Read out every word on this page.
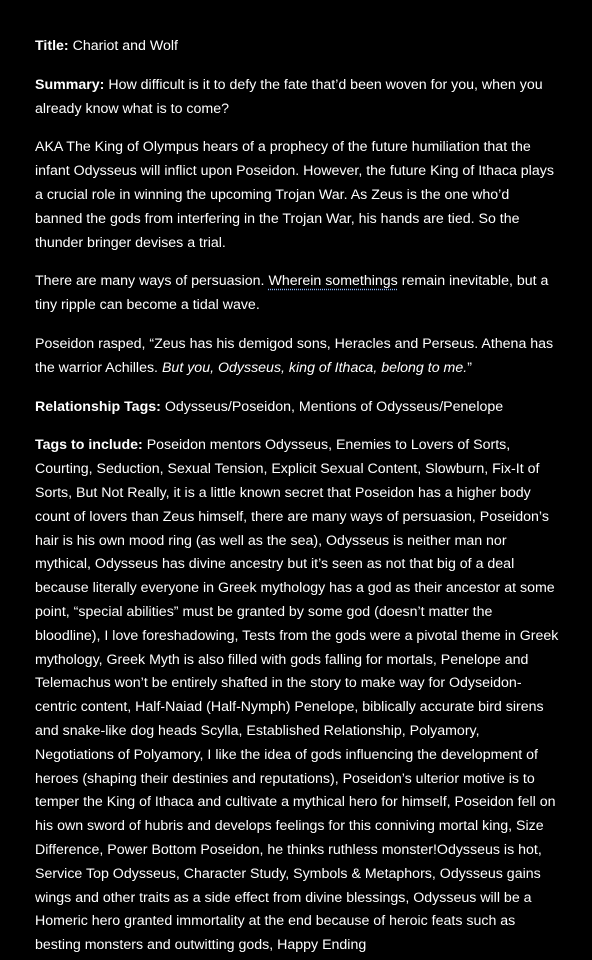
Title: Chariot and Wolf

Summary: How difficult is it to defy the fate that’d been woven for you, when you already know what is to come?

AKA The King of Olympus hears of a prophecy of the future humiliation that the infant Odysseus will inflict upon Poseidon. However, the future King of Ithaca plays a crucial role in winning the upcoming Trojan War. As Zeus is the one who’d banned the gods from interfering in the Trojan War, his hands are tied. So the thunder bringer devises a trial.

There are many ways of persuasion. Wherein somethings remain inevitable, but a tiny ripple can become a tidal wave.

Poseidon rasped, “Zeus has his demigod sons, Heracles and Perseus. Athena has the warrior Achilles. But you, Odysseus, king of Ithaca, belong to me.”

Relationship Tags: Odysseus/Poseidon, Mentions of Odysseus/Penelope

Tags to include: Poseidon mentors Odysseus, Enemies to Lovers of Sorts, Courting, Seduction, Sexual Tension, Explicit Sexual Content, Slowburn, Fix-It of Sorts, But Not Really, it is a little known secret that Poseidon has a higher body count of lovers than Zeus himself, there are many ways of persuasion, Poseidon’s hair is his own mood ring (as well as the sea), Odysseus is neither man nor mythical, Odysseus has divine ancestry but it’s seen as not that big of a deal because literally everyone in Greek mythology has a god as their ancestor at some point, “special abilities” must be granted by some god (doesn’t matter the bloodline), I love foreshadowing, Tests from the gods were a pivotal theme in Greek mythology, Greek Myth is also filled with gods falling for mortals, Penelope and Telemachus won’t be entirely shafted in the story to make way for Odyseidon-centric content, Half-Naiad (Half-Nymph) Penelope, biblically accurate bird sirens and snake-like dog heads Scylla, Established Relationship, Polyamory, Negotiations of Polyamory, I like the idea of gods influencing the development of heroes (shaping their destinies and reputations), Poseidon’s ulterior motive is to temper the King of Ithaca and cultivate a mythical hero for himself, Poseidon fell on his own sword of hubris and develops feelings for this conniving mortal king, Size Difference, Power Bottom Poseidon, he thinks ruthless monster!Odysseus is hot, Service Top Odysseus, Character Study, Symbols & Metaphors, Odysseus gains wings and other traits as a side effect from divine blessings, Odysseus will be a Homeric hero granted immortality at the end because of heroic feats such as besting monsters and outwitting gods, Happy Ending
